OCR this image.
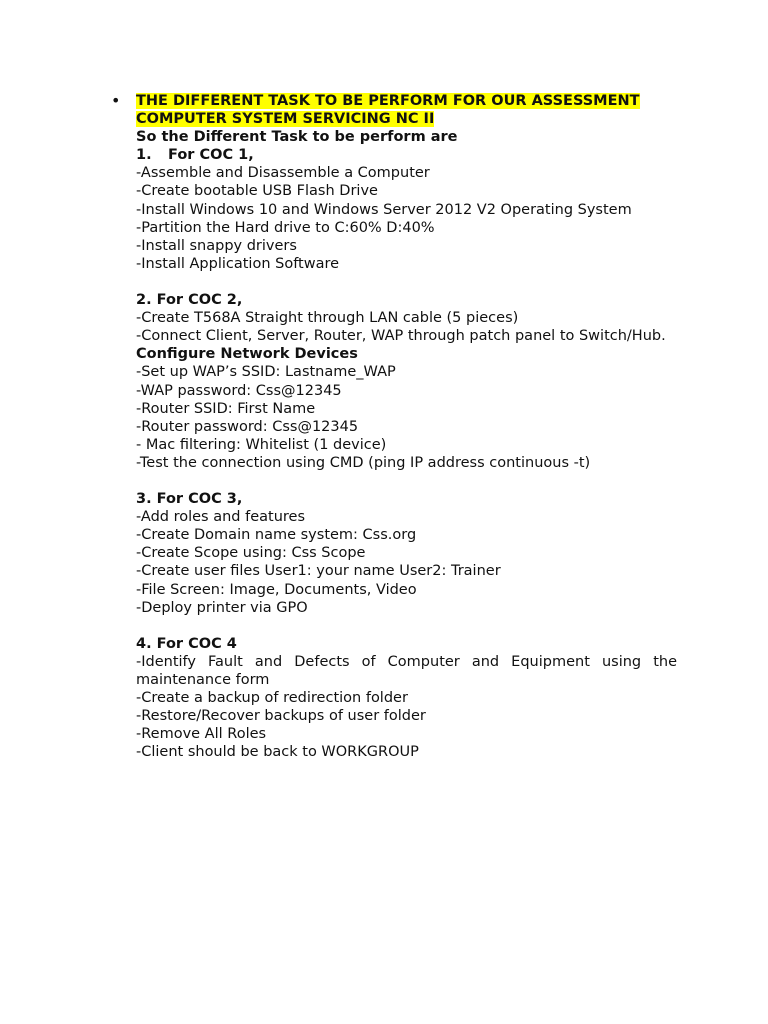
• THE DIFFERENT TASK TO BE PERFORM FOR OUR ASSESSMENT
COMPUTER SYSTEM SERVICING NC II
So the Different Task to be perform are
1. For COC 1,
-Assemble and Disassemble a Computer
-Create bootable USB Flash Drive
-Install Windows 10 and Windows Server 2012 V2 Operating System
-Partition the Hard drive to C:60% D:40%
-Install snappy drivers
-Install Application Software
2. For COC 2,
-Create T568A Straight through LAN cable (5 pieces)
-Connect Client, Server, Router, WAP through patch panel to Switch/Hub.
Configure Network Devices
-Set up WAP’s SSID: Lastname_WAP
-WAP password: Css@12345
-Router SSID: First Name
-Router password: Css@12345
- Mac filtering: Whitelist (1 device)
-Test the connection using CMD (ping IP address continuous -t)
3. For COC 3,
-Add roles and features
-Create Domain name system: Css.org
-Create Scope using: Css Scope
-Create user files User1: your name User2: Trainer
-File Screen: Image, Documents, Video
-Deploy printer via GPO
4. For COC 4
-Identify Fault and Defects of Computer and Equipment using the maintenance form
-Create a backup of redirection folder
-Restore/Recover backups of user folder
-Remove All Roles
-Client should be back to WORKGROUP
